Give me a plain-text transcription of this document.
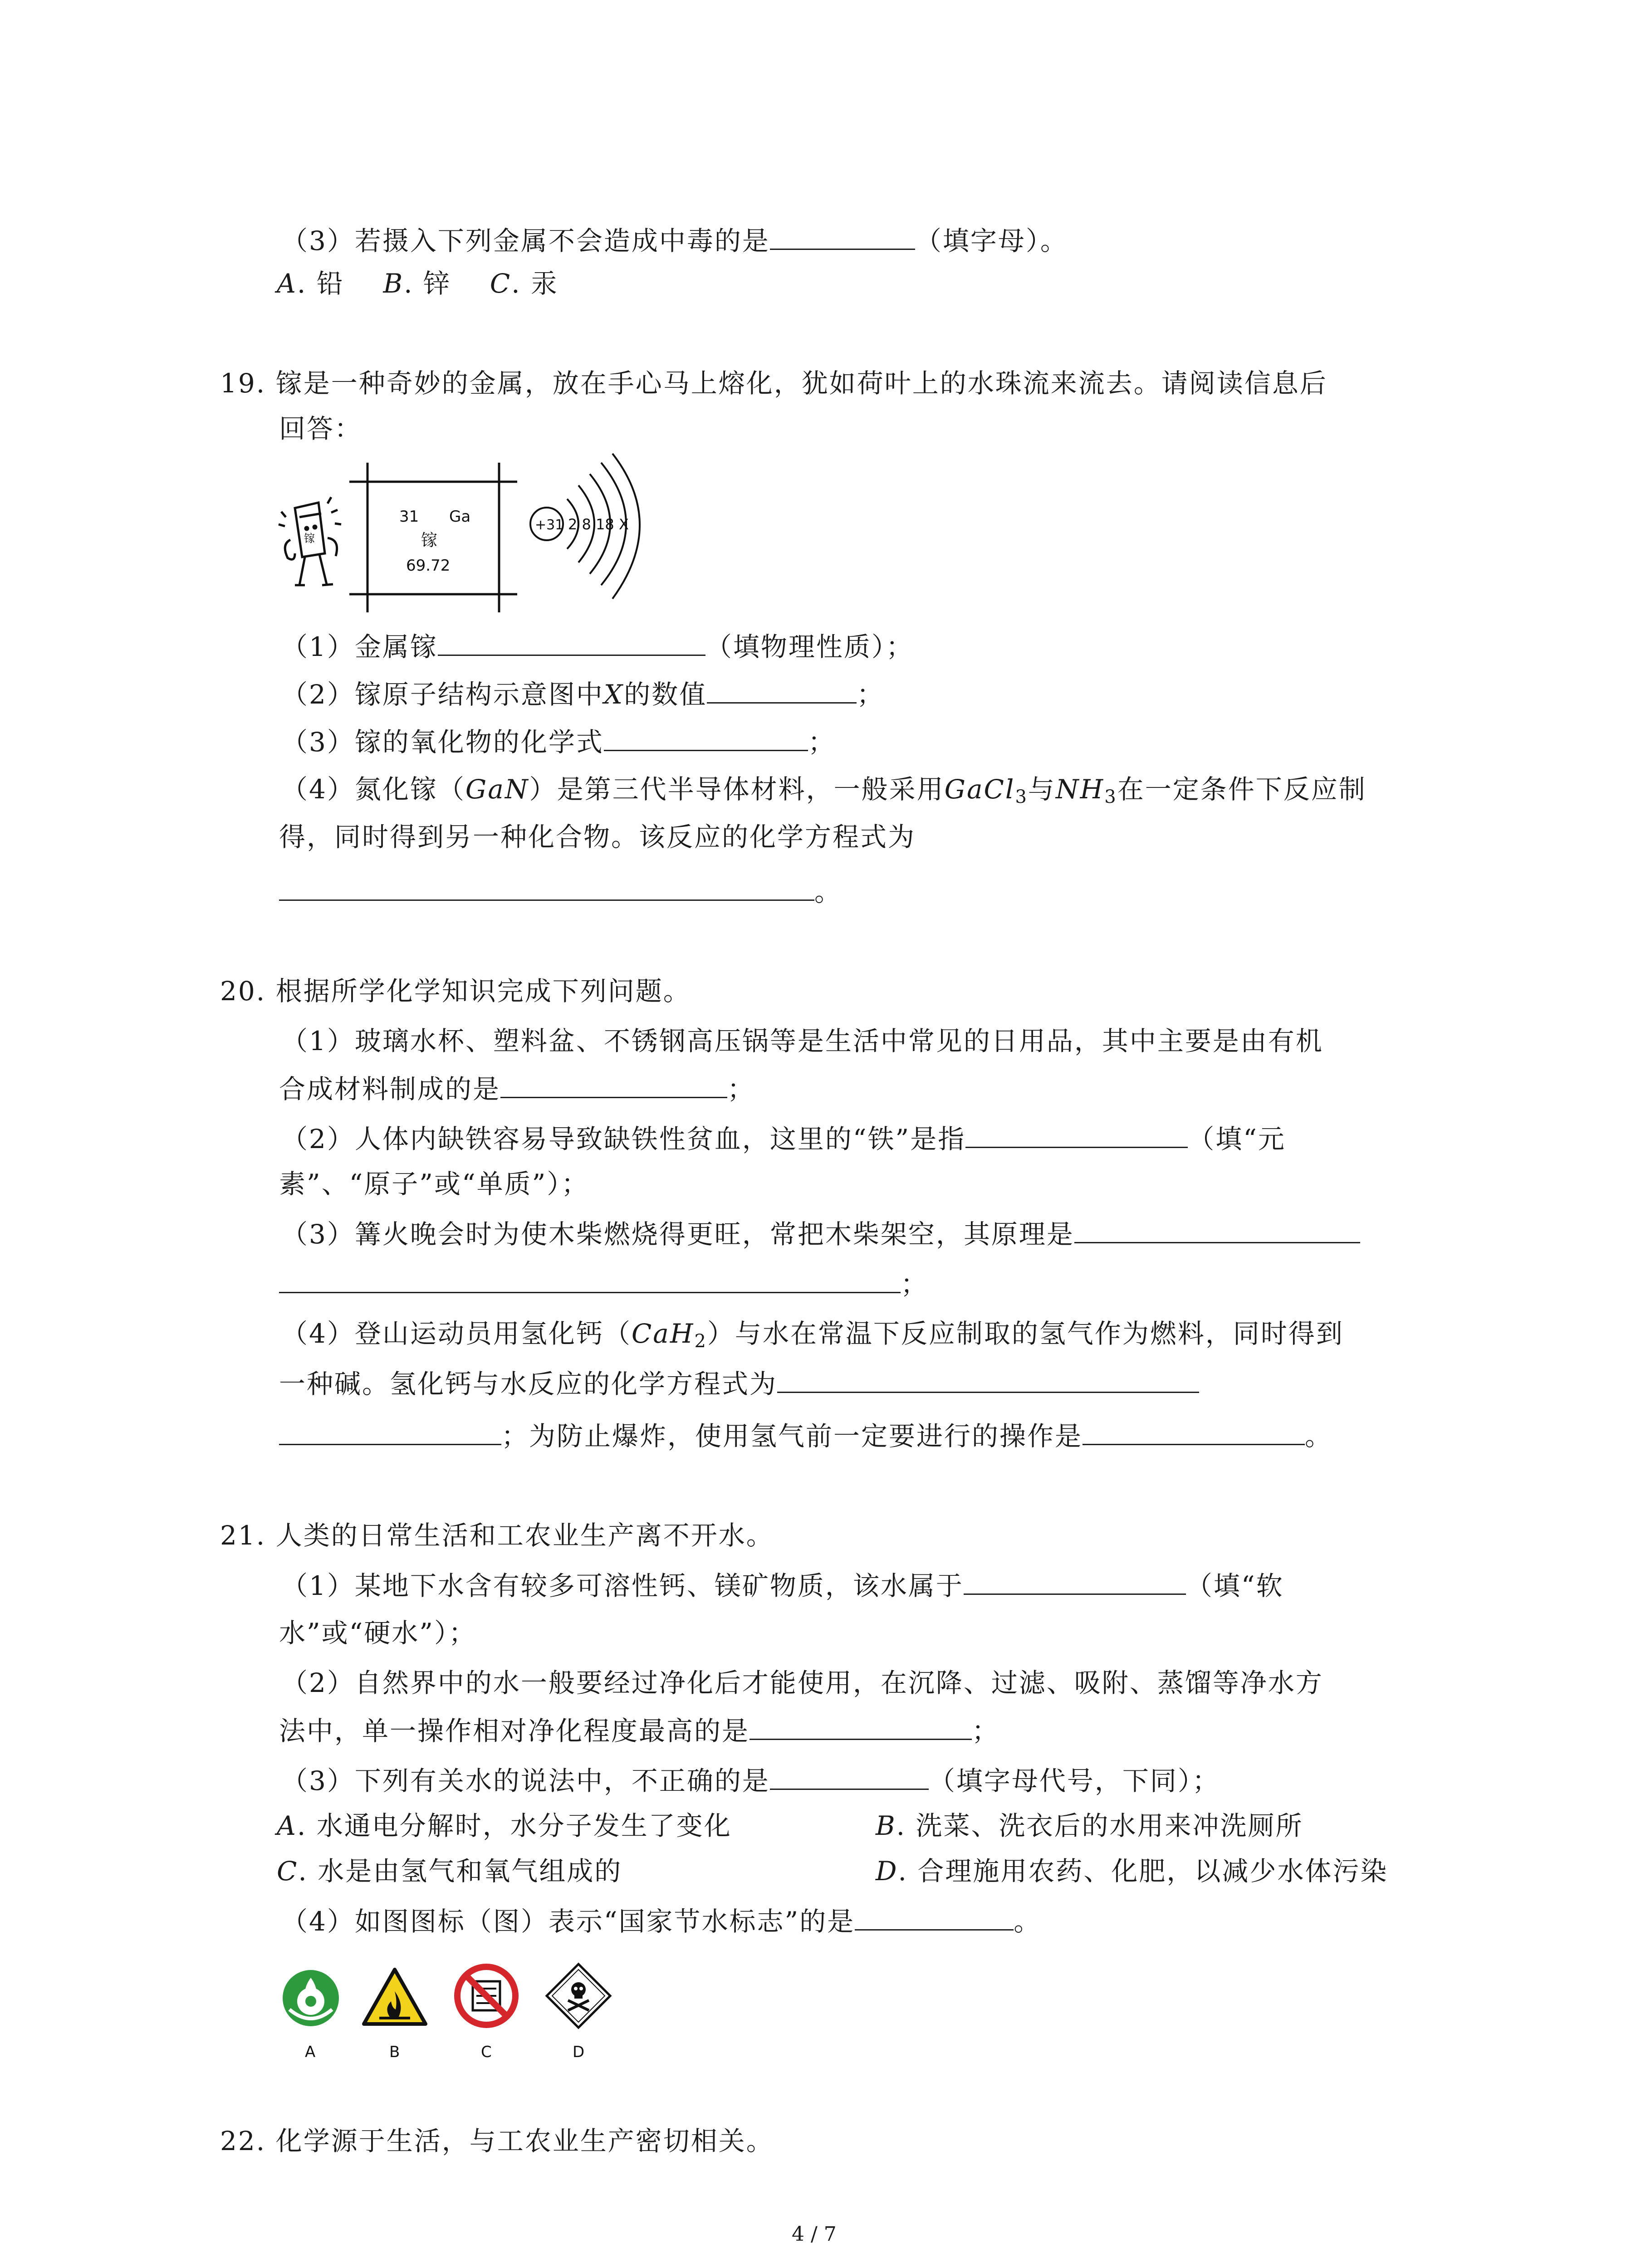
（3）若摄入下列金属不会造成中毒的是	（填字母）。
A. 铅 B. 锌 C. 汞
19. 镓是一种奇妙的金属，放在手心马上熔化，犹如荷叶上的水珠流来流去。请阅读信息后
回答：
镓
31 Ga
镓
69.72
+31 2 8 18 X
（1）金属镓	（填物理性质）；
（2）镓原子结构示意图中X的数值	；
（3）镓的氧化物的化学式	；
（4）氮化镓（GaN）是第三代半导体材料，一般采用GaCl$_3$与$NH_3$在一定条件下反应制
得，同时得到另一种化合物。该反应的化学方程式为
。
20. 根据所学化学知识完成下列问题。
（1）玻璃水杯、塑料盆、不锈钢高压锅等是生活中常见的日用品，其中主要是由有机
合成材料制成的是	；
（2）人体内缺铁容易导致缺铁性贫血，这里的“铁”是指	（填“元
素”、“原子”或“单质”）；
（3）篝火晚会时为使木柴燃烧得更旺，常把木柴架空，其原理是
；
（4）登山运动员用氢化钙（CaH$_2$）与水在常温下反应制取的氢气作为燃料，同时得到
一种碱。氢化钙与水反应的化学方程式为
；为防止爆炸，使用氢气前一定要进行的操作是	。
21. 人类的日常生活和工农业生产离不开水。
（1）某地下水含有较多可溶性钙、镁矿物质，该水属于	（填“软
水”或“硬水”）；
（2）自然界中的水一般要经过净化后才能使用，在沉降、过滤、吸附、蒸馏等净水方
法中，单一操作相对净化程度最高的是	；
（3）下列有关水的说法中，不正确的是	（填字母代号，下同）；
A. 水通电分解时，水分子发生了变化	B. 洗菜、洗衣后的水用来冲洗厕所
C. 水是由氢气和氧气组成的	D. 合理施用农药、化肥，以减少水体污染
（4）如图图标（图）表示“国家节水标志”的是	。
A	B	C	D
22. 化学源于生活，与工农业生产密切相关。
4 / 7
